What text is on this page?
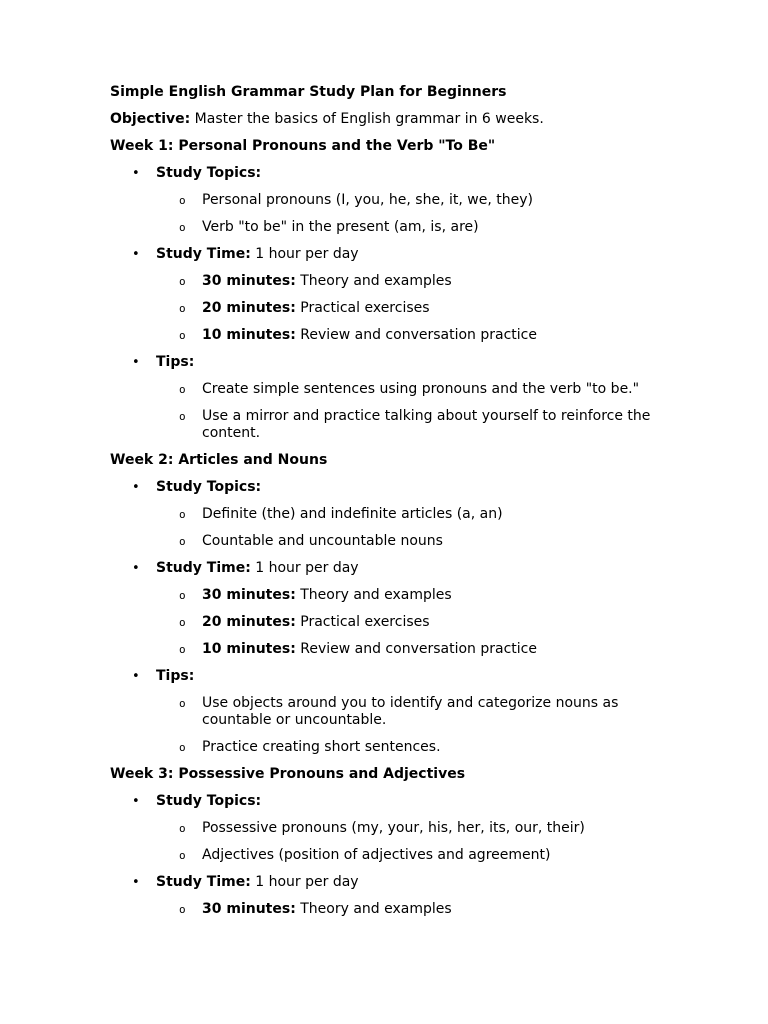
Simple English Grammar Study Plan for Beginners
Objective: Master the basics of English grammar in 6 weeks.
Week 1: Personal Pronouns and the Verb "To Be"
• Study Topics:
o Personal pronouns (I, you, he, she, it, we, they)
o Verb "to be" in the present (am, is, are)
• Study Time: 1 hour per day
o 30 minutes: Theory and examples
o 20 minutes: Practical exercises
o 10 minutes: Review and conversation practice
• Tips:
o Create simple sentences using pronouns and the verb "to be."
o Use a mirror and practice talking about yourself to reinforce the content.
Week 2: Articles and Nouns
• Study Topics:
o Definite (the) and indefinite articles (a, an)
o Countable and uncountable nouns
• Study Time: 1 hour per day
o 30 minutes: Theory and examples
o 20 minutes: Practical exercises
o 10 minutes: Review and conversation practice
• Tips:
o Use objects around you to identify and categorize nouns as countable or uncountable.
o Practice creating short sentences.
Week 3: Possessive Pronouns and Adjectives
• Study Topics:
o Possessive pronouns (my, your, his, her, its, our, their)
o Adjectives (position of adjectives and agreement)
• Study Time: 1 hour per day
o 30 minutes: Theory and examples
